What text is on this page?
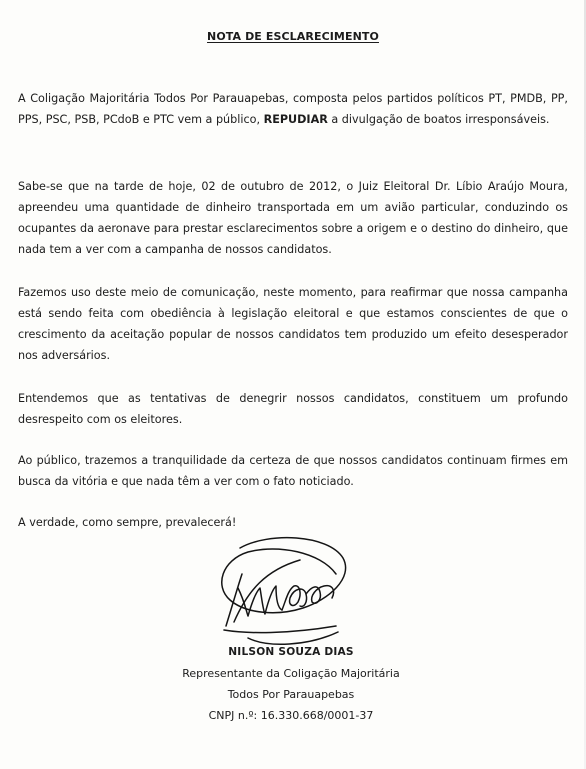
NOTA DE ESCLARECIMENTO

A Coligação Majoritária Todos Por Parauapebas, composta pelos partidos políticos PT, PMDB, PP, PPS, PSC, PSB, PCdoB e PTC vem a público, REPUDIAR a divulgação de boatos irresponsáveis.

Sabe-se que na tarde de hoje, 02 de outubro de 2012, o Juiz Eleitoral Dr. Líbio Araújo Moura, apreendeu uma quantidade de dinheiro transportada em um avião particular, conduzindo os ocupantes da aeronave para prestar esclarecimentos sobre a origem e o destino do dinheiro, que nada tem a ver com a campanha de nossos candidatos.

Fazemos uso deste meio de comunicação, neste momento, para reafirmar que nossa campanha está sendo feita com obediência à legislação eleitoral e que estamos conscientes de que o crescimento da aceitação popular de nossos candidatos tem produzido um efeito desesperador nos adversários.

Entendemos que as tentativas de denegrir nossos candidatos, constituem um profundo desrespeito com os eleitores.

Ao público, trazemos a tranquilidade da certeza de que nossos candidatos continuam firmes em busca da vitória e que nada têm a ver com o fato noticiado.

A verdade, como sempre, prevalecerá!

NILSON SOUZA DIAS
Representante da Coligação Majoritária
Todos Por Parauapebas
CNPJ n.º: 16.330.668/0001-37
